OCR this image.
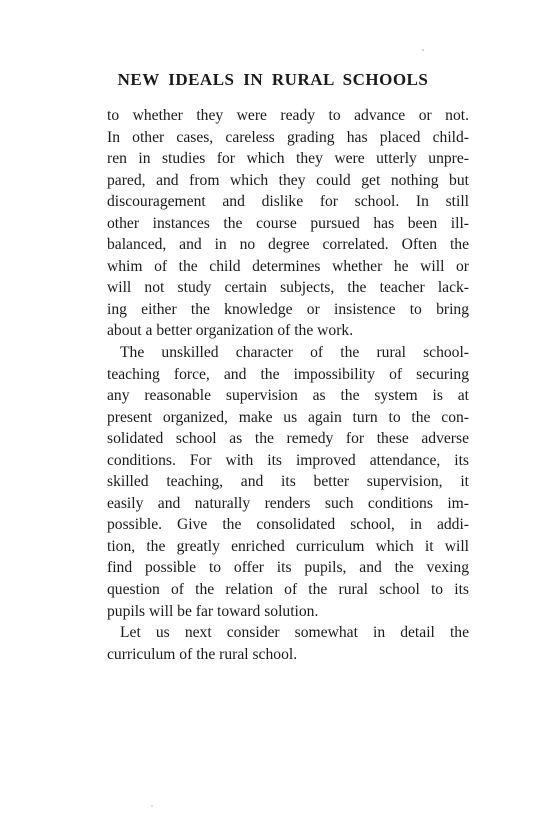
NEW IDEALS IN RURAL SCHOOLS
to whether they were ready to advance or not.
In other cases, careless grading has placed child-
ren in studies for which they were utterly unpre-
pared, and from which they could get nothing but
discouragement and dislike for school. In still
other instances the course pursued has been ill-
balanced, and in no degree correlated. Often the
whim of the child determines whether he will or
will not study certain subjects, the teacher lack-
ing either the knowledge or insistence to bring
about a better organization of the work.
The unskilled character of the rural school-
teaching force, and the impossibility of securing
any reasonable supervision as the system is at
present organized, make us again turn to the con-
solidated school as the remedy for these adverse
conditions. For with its improved attendance, its
skilled teaching, and its better supervision, it
easily and naturally renders such conditions im-
possible. Give the consolidated school, in addi-
tion, the greatly enriched curriculum which it will
find possible to offer its pupils, and the vexing
question of the relation of the rural school to its
pupils will be far toward solution.
Let us next consider somewhat in detail the
curriculum of the rural school.
